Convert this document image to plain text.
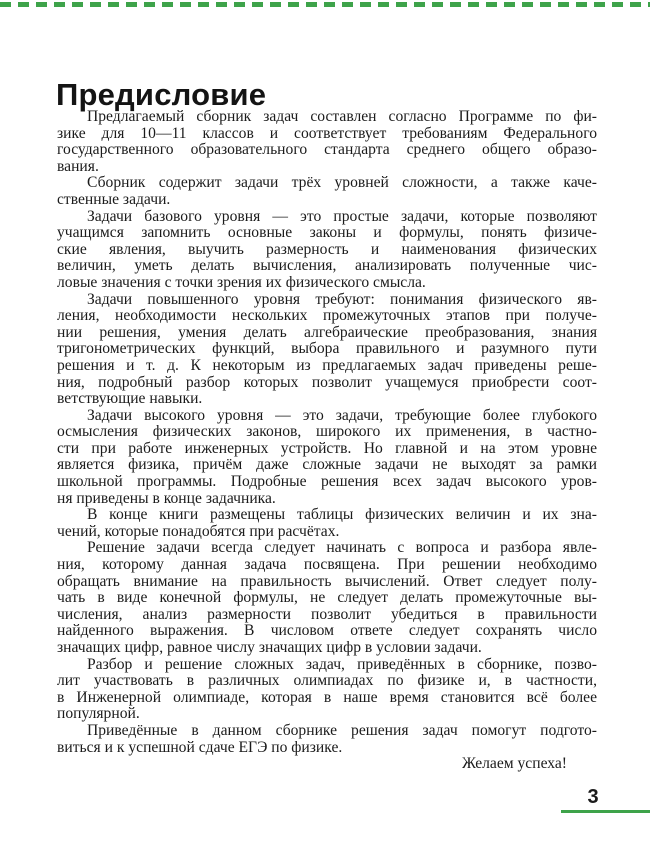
Предисловие
Предлагаемый сборник задач составлен согласно Программе по фи-
зике для 10—11 классов и соответствует требованиям Федерального
государственного образовательного стандарта среднего общего образо-
вания.
Сборник содержит задачи трёх уровней сложности, а также каче-
ственные задачи.
Задачи базового уровня — это простые задачи, которые позволяют
учащимся запомнить основные законы и формулы, понять физиче-
ские явления, выучить размерность и наименования физических
величин, уметь делать вычисления, анализировать полученные чис-
ловые значения с точки зрения их физического смысла.
Задачи повышенного уровня требуют: понимания физического яв-
ления, необходимости нескольких промежуточных этапов при получе-
нии решения, умения делать алгебраические преобразования, знания
тригонометрических функций, выбора правильного и разумного пути
решения и т. д. К некоторым из предлагаемых задач приведены реше-
ния, подробный разбор которых позволит учащемуся приобрести соот-
ветствующие навыки.
Задачи высокого уровня — это задачи, требующие более глубокого
осмысления физических законов, широкого их применения, в частно-
сти при работе инженерных устройств. Но главной и на этом уровне
является физика, причём даже сложные задачи не выходят за рамки
школьной программы. Подробные решения всех задач высокого уров-
ня приведены в конце задачника.
В конце книги размещены таблицы физических величин и их зна-
чений, которые понадобятся при расчётах.
Решение задачи всегда следует начинать с вопроса и разбора явле-
ния, которому данная задача посвящена. При решении необходимо
обращать внимание на правильность вычислений. Ответ следует полу-
чать в виде конечной формулы, не следует делать промежуточные вы-
числения, анализ размерности позволит убедиться в правильности
найденного выражения. В числовом ответе следует сохранять число
значащих цифр, равное числу значащих цифр в условии задачи.
Разбор и решение сложных задач, приведённых в сборнике, позво-
лит участвовать в различных олимпиадах по физике и, в частности,
в Инженерной олимпиаде, которая в наше время становится всё более
популярной.
Приведённые в данном сборнике решения задач помогут подгото-
виться и к успешной сдаче ЕГЭ по физике.
Желаем успеха!
3
